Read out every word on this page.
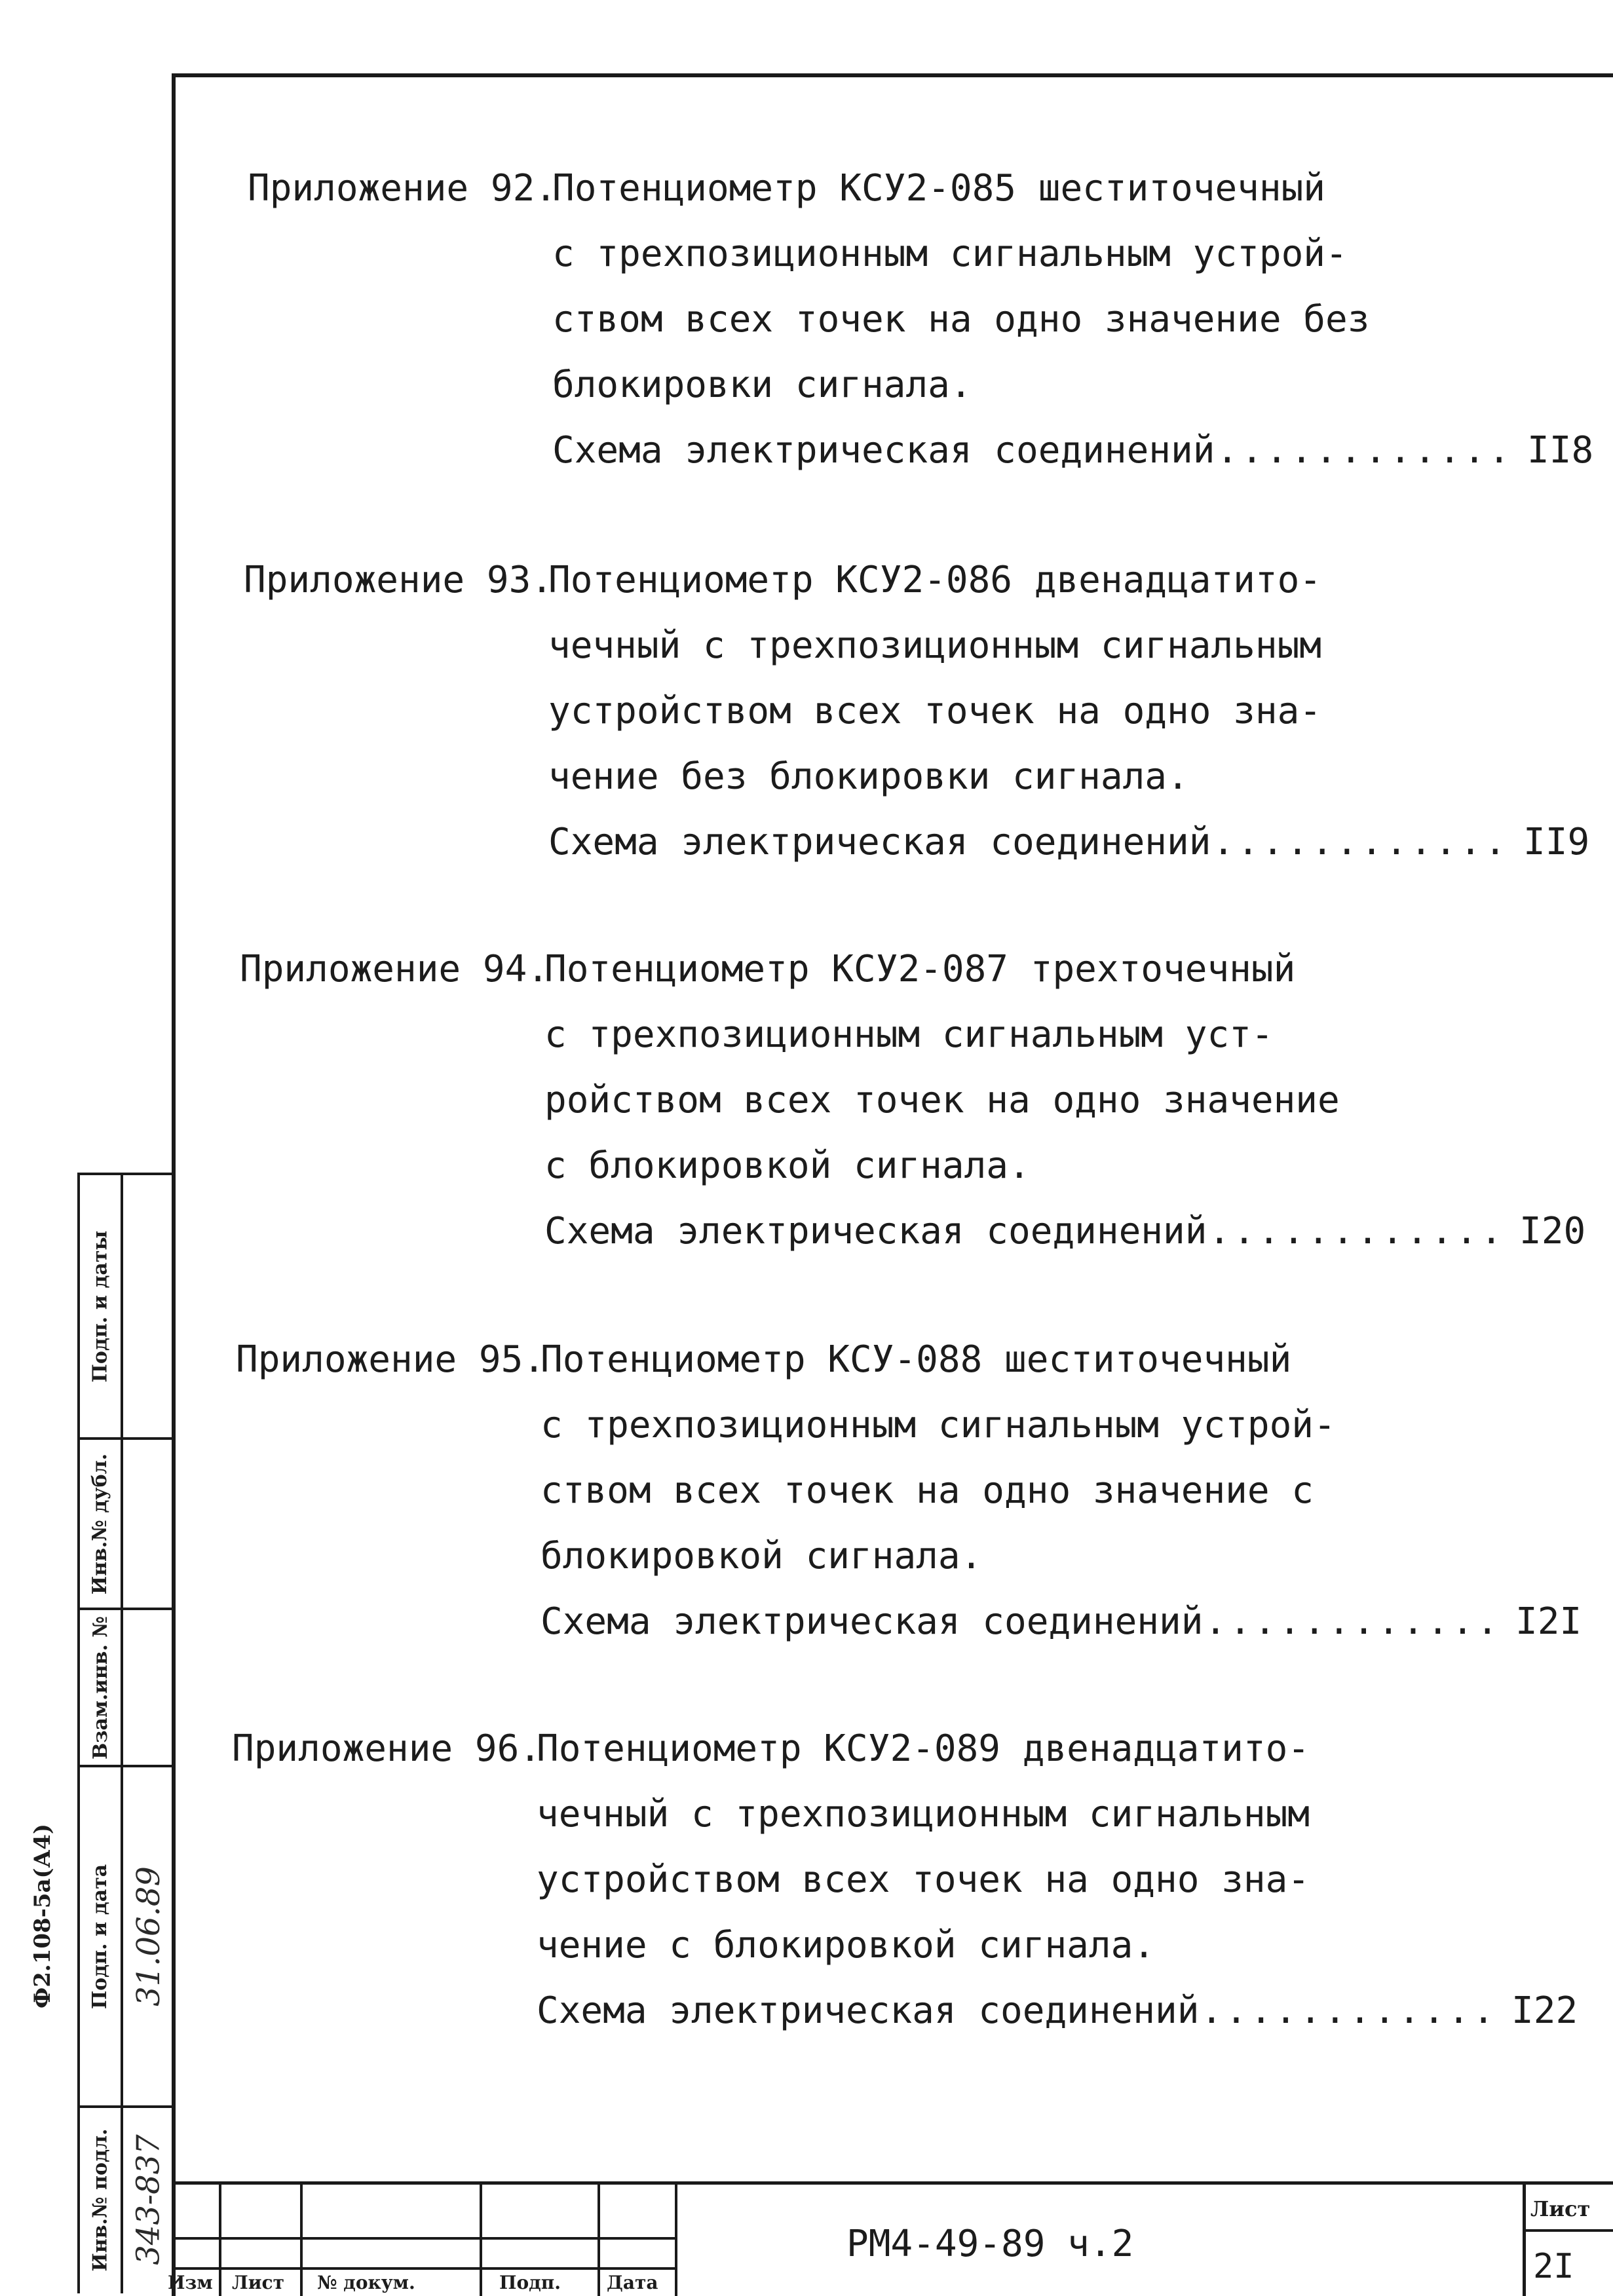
Приложение 92.
Потенциометр КСУ2-085 шеститочечный
с трехпозиционным сигнальным устрой-
ством всех точек на одно значение без
блокировки сигнала.
Схема электрическая соединений ............ II8
Приложение 93.
Потенциометр КСУ2-086 двенадцатито-
чечный с трехпозиционным сигнальным
устройством всех точек на одно зна-
чение без блокировки сигнала.
Схема электрическая соединений ............ II9
Приложение 94.
Потенциометр КСУ2-087 трехточечный
с трехпозиционным сигнальным уст-
ройством всех точек на одно значение
с блокировкой сигнала.
Схема электрическая соединений ............ I20
Приложение 95.
Потенциометр КСУ-088 шеститочечный
с трехпозиционным сигнальным устрой-
ством всех точек на одно значение с
блокировкой сигнала.
Схема электрическая соединений ............ I2I
Приложение 96.
Потенциометр КСУ2-089 двенадцатито-
чечный с трехпозиционным сигнальным
устройством всех точек на одно зна-
чение с блокировкой сигнала.
Схема электрическая соединений ............ I22
Ф2.108-5а(А4)
Подп. и даты
Инв.№ дубл.
Взам.инв. №
Подп. и дата
Инв.№ подл.
31.06.89
343-837
Изм Лист № докум.	Подп. Дата
РМ4-49-89 ч.2
Лист
2I
